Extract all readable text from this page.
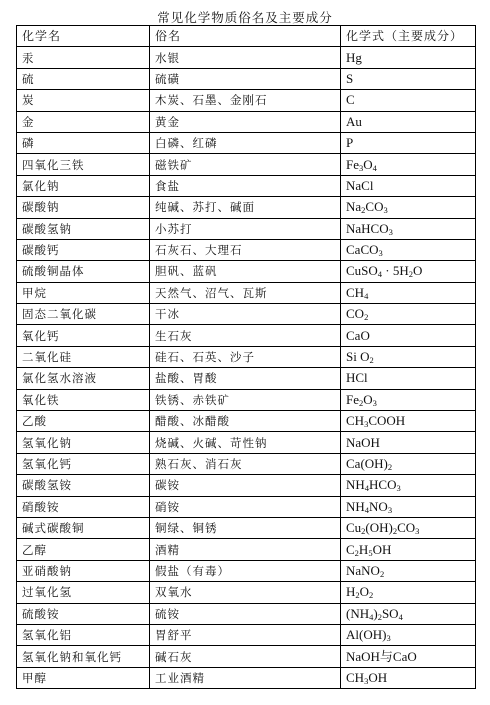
常见化学物质俗名及主要成分
化学名	俗名	化学式（主要成分）
汞	水银	Hg
硫	硫磺	S
炭	木炭、石墨、金刚石	C
金	黄金	Au
磷	白磷、红磷	P
四氧化三铁	磁铁矿	$Fe_3O_4$
氯化钠	食盐	NaCl
碳酸钠	纯碱、苏打、碱面	$Na_2CO_3$
碳酸氢钠	小苏打	NaHCO$_3$
碳酸钙	石灰石、大理石	CaCO$_3$
硫酸铜晶体	胆矾、蓝矾	CuSO$_4$ · $5H_2O$
甲烷	天然气、沼气、瓦斯	$CH_4$
固态二氧化碳	干冰	$CO_2$
氧化钙	生石灰	CaO
二氧化硅	硅石、石英、沙子	Si $O_2$
氯化氢水溶液	盐酸、胃酸	HCl
氧化铁	铁锈、赤铁矿	$Fe_2O_3$
乙酸	醋酸、冰醋酸	$CH_3COOH$
氢氧化钠	烧碱、火碱、苛性钠	NaOH
氢氧化钙	熟石灰、消石灰	$Ca(OH)_2$
碳酸氢铵	碳铵	$NH_4HCO_3$
硝酸铵	硝铵	$NH_4NO_3$
碱式碳酸铜	铜绿、铜锈	$Cu_2(OH)_2CO_3$
乙醇	酒精	$C_2H_5OH$
亚硝酸钠	假盐（有毒）	NaNO$_2$
过氧化氢	双氧水	$H_2O_2$
硫酸铵	硫铵	$(NH_4)_2SO_4$
氢氧化铝	胃舒平	$Al(OH)_3$
氢氧化钠和氧化钙	碱石灰	NaOH与CaO
甲醇	工业酒精	$CH_3OH$
